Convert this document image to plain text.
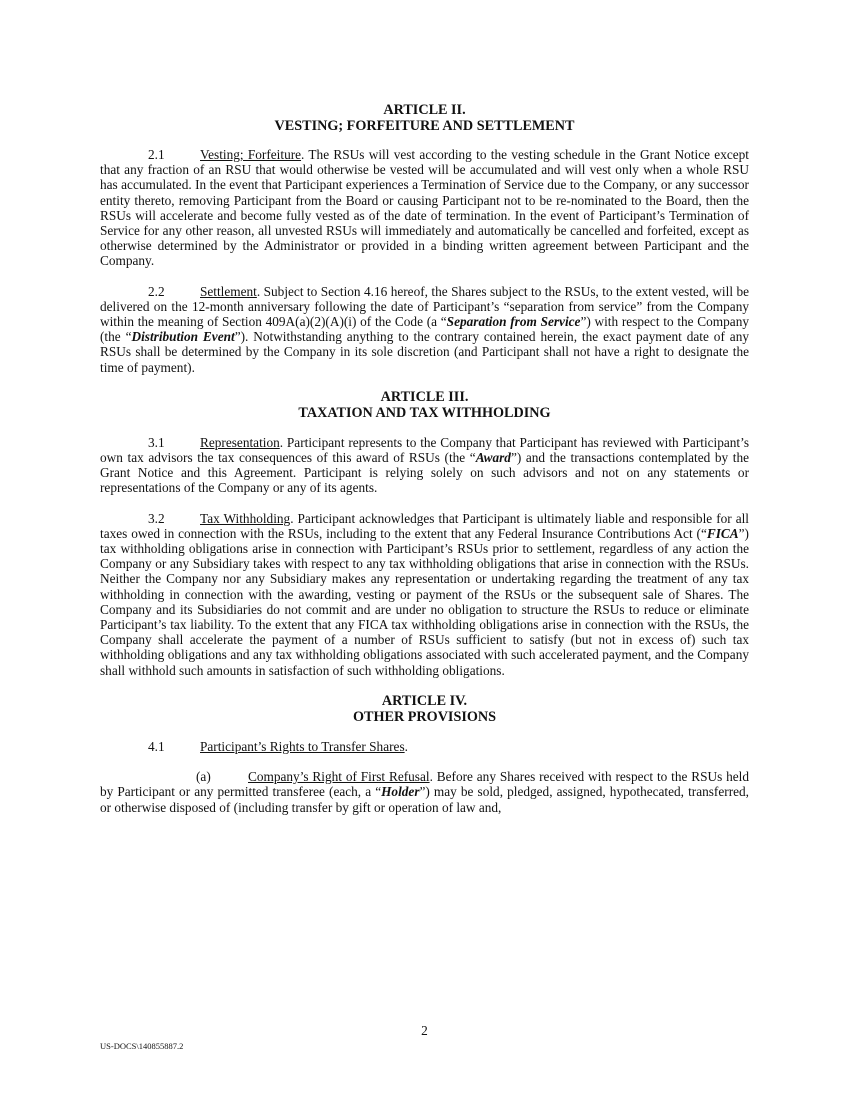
ARTICLE II.
VESTING; FORFEITURE AND SETTLEMENT

2.1	Vesting; Forfeiture. The RSUs will vest according to the vesting schedule in the Grant Notice except that any fraction of an RSU that would otherwise be vested will be accumulated and will vest only when a whole RSU has accumulated. In the event that Participant experiences a Termination of Service due to the Company, or any successor entity thereto, removing Participant from the Board or causing Participant not to be re-nominated to the Board, then the RSUs will accelerate and become fully vested as of the date of termination. In the event of Participant’s Termination of Service for any other reason, all unvested RSUs will immediately and automatically be cancelled and forfeited, except as otherwise determined by the Administrator or provided in a binding written agreement between Participant and the Company.

2.2	Settlement. Subject to Section 4.16 hereof, the Shares subject to the RSUs, to the extent vested, will be delivered on the 12-month anniversary following the date of Participant’s “separation from service” from the Company within the meaning of Section 409A(a)(2)(A)(i) of the Code (a “Separation from Service”) with respect to the Company (the “Distribution Event”). Notwithstanding anything to the contrary contained herein, the exact payment date of any RSUs shall be determined by the Company in its sole discretion (and Participant shall not have a right to designate the time of payment).

ARTICLE III.
TAXATION AND TAX WITHHOLDING

3.1	Representation. Participant represents to the Company that Participant has reviewed with Participant’s own tax advisors the tax consequences of this award of RSUs (the “Award”) and the transactions contemplated by the Grant Notice and this Agreement. Participant is relying solely on such advisors and not on any statements or representations of the Company or any of its agents.

3.2	Tax Withholding. Participant acknowledges that Participant is ultimately liable and responsible for all taxes owed in connection with the RSUs, including to the extent that any Federal Insurance Contributions Act (“FICA”) tax withholding obligations arise in connection with Participant’s RSUs prior to settlement, regardless of any action the Company or any Subsidiary takes with respect to any tax withholding obligations that arise in connection with the RSUs. Neither the Company nor any Subsidiary makes any representation or undertaking regarding the treatment of any tax withholding in connection with the awarding, vesting or payment of the RSUs or the subsequent sale of Shares. The Company and its Subsidiaries do not commit and are under no obligation to structure the RSUs to reduce or eliminate Participant’s tax liability. To the extent that any FICA tax withholding obligations arise in connection with the RSUs, the Company shall accelerate the payment of a number of RSUs sufficient to satisfy (but not in excess of) such tax withholding obligations and any tax withholding obligations associated with such accelerated payment, and the Company shall withhold such amounts in satisfaction of such withholding obligations.

ARTICLE IV.
OTHER PROVISIONS

4.1	Participant’s Rights to Transfer Shares.

(a)	Company’s Right of First Refusal. Before any Shares received with respect to the RSUs held by Participant or any permitted transferee (each, a “Holder”) may be sold, pledged, assigned, hypothecated, transferred, or otherwise disposed of (including transfer by gift or operation of law and,

2
US-DOCS\140855887.2
